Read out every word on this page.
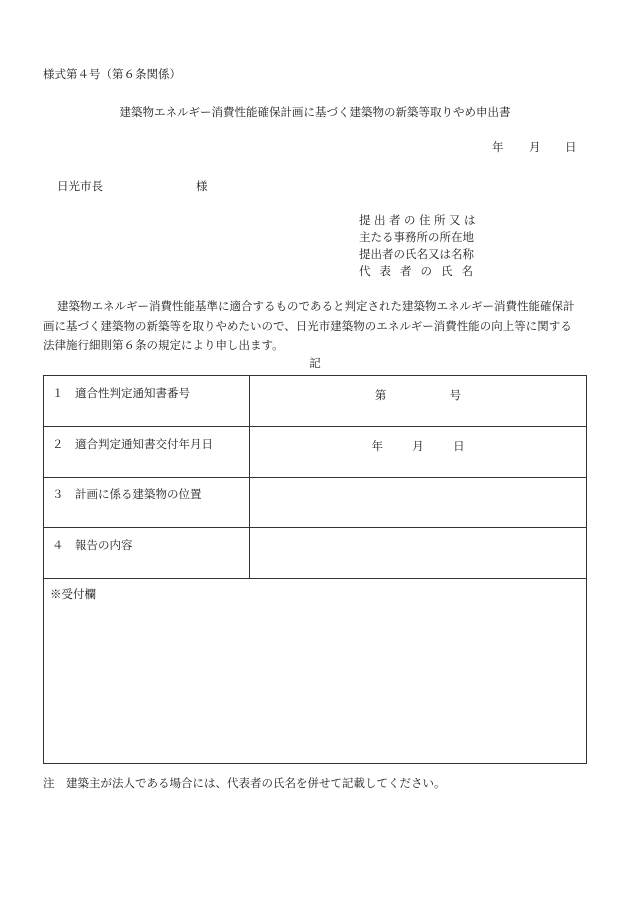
様式第４号（第６条関係）
建築物エネルギー消費性能確保計画に基づく建築物の新築等取りやめ申出書
年 月 日
日光市長	様
提出者の住所又は
主たる事務所の所在地
提出者の氏名又は名称
代表者の氏名
建築物エネルギー消費性能基準に適合するものであると判定された建築物エネルギー消費性能確保計
画に基づく建築物の新築等を取りやめたいので、日光市建築物のエネルギー消費性能の向上等に関する
法律施行細則第６条の規定により申し出ます。
記
１　適合性判定通知書番号	第	号
２　適合判定通知書交付年月日	年	月	日
３　計画に係る建築物の位置
４　報告の内容
※受付欄
注　建築主が法人である場合には、代表者の氏名を併せて記載してください。
